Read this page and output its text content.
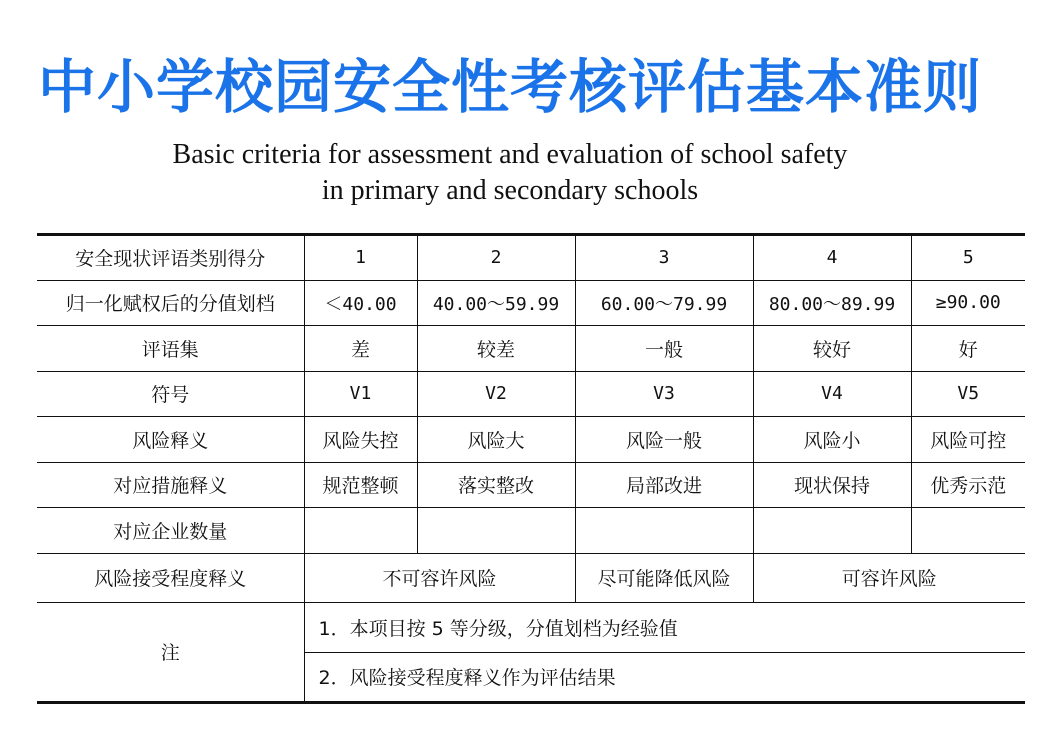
中小学校园安全性考核评估基本准则
Basic criteria for assessment and evaluation of school safety
in primary and secondary schools
安全现状评语类别得分	1	2	3	4	5
归一化赋权后的分值划档	＜40.00	40.00～59.99	60.00～79.99	80.00～89.99	≥90.00
评语集	差	较差	一般	较好	好
符号	V1	V2	V3	V4	V5
风险释义	风险失控	风险大	风险一般	风险小	风险可控
对应措施释义	规范整顿	落实整改	局部改进	现状保持	优秀示范
对应企业数量					
风险接受程度释义	不可容许风险		尽可能降低风险	可容许风险	
注	1．本项目按 5 等分级，分值划档为经验值				
	2．风险接受程度释义作为评估结果				
